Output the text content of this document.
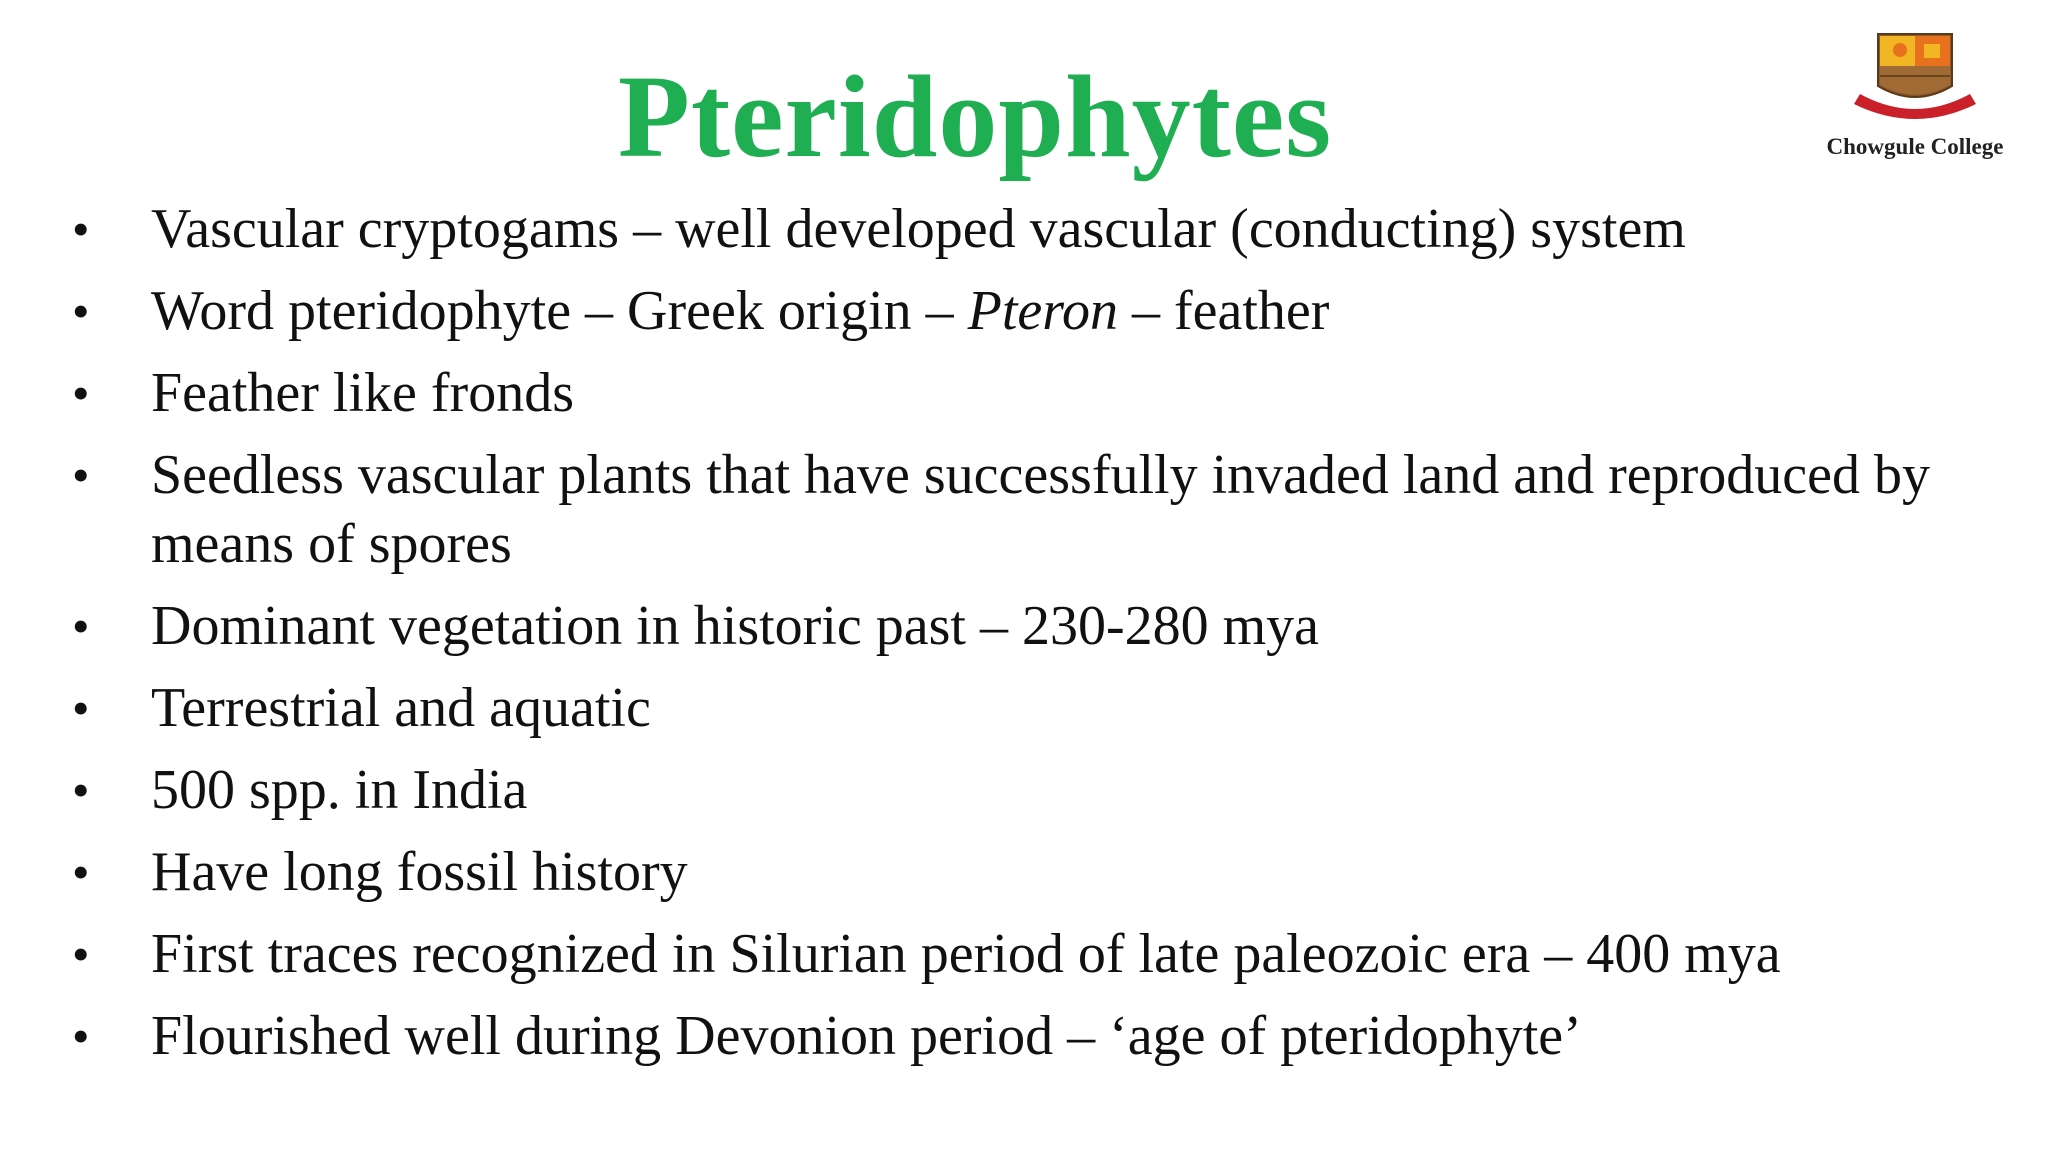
Pteridophytes	Chowgule College
• Vascular cryptogams – well developed vascular (conducting) system
• Word pteridophyte – Greek origin – Pteron – feather
• Feather like fronds
• Seedless vascular plants that have successfully invaded land and reproduced by means of spores
• Dominant vegetation in historic past – 230-280 mya
• Terrestrial and aquatic
• 500 spp. in India
• Have long fossil history
• First traces recognized in Silurian period of late paleozoic era – 400 mya
• Flourished well during Devonion period – ‘age of pteridophyte’
